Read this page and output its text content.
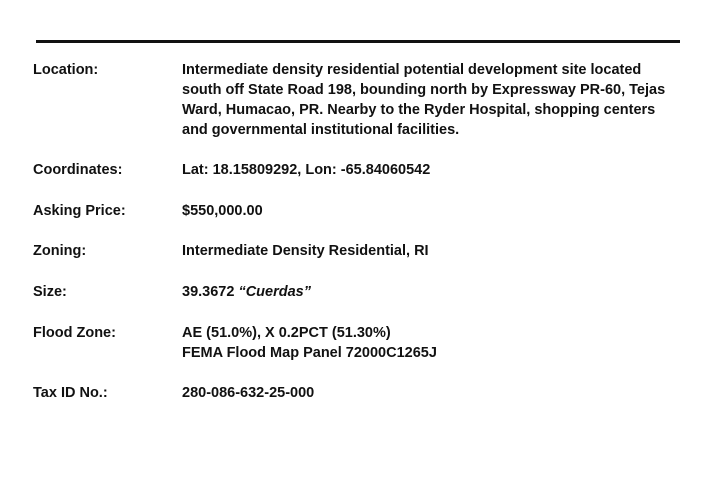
Location:	Intermediate density residential potential development site located
south off State Road 198, bounding north by Expressway PR-60, Tejas
Ward, Humacao, PR. Nearby to the Ryder Hospital, shopping centers
and governmental institutional facilities.
Coordinates:	Lat: 18.15809292, Lon: -65.84060542
Asking Price:	$550,000.00
Zoning:	Intermediate Density Residential, RI
Size:	39.3672 “Cuerdas”
Flood Zone:	AE (51.0%), X 0.2PCT (51.30%)
FEMA Flood Map Panel 72000C1265J
Tax ID No.:	280-086-632-25-000
